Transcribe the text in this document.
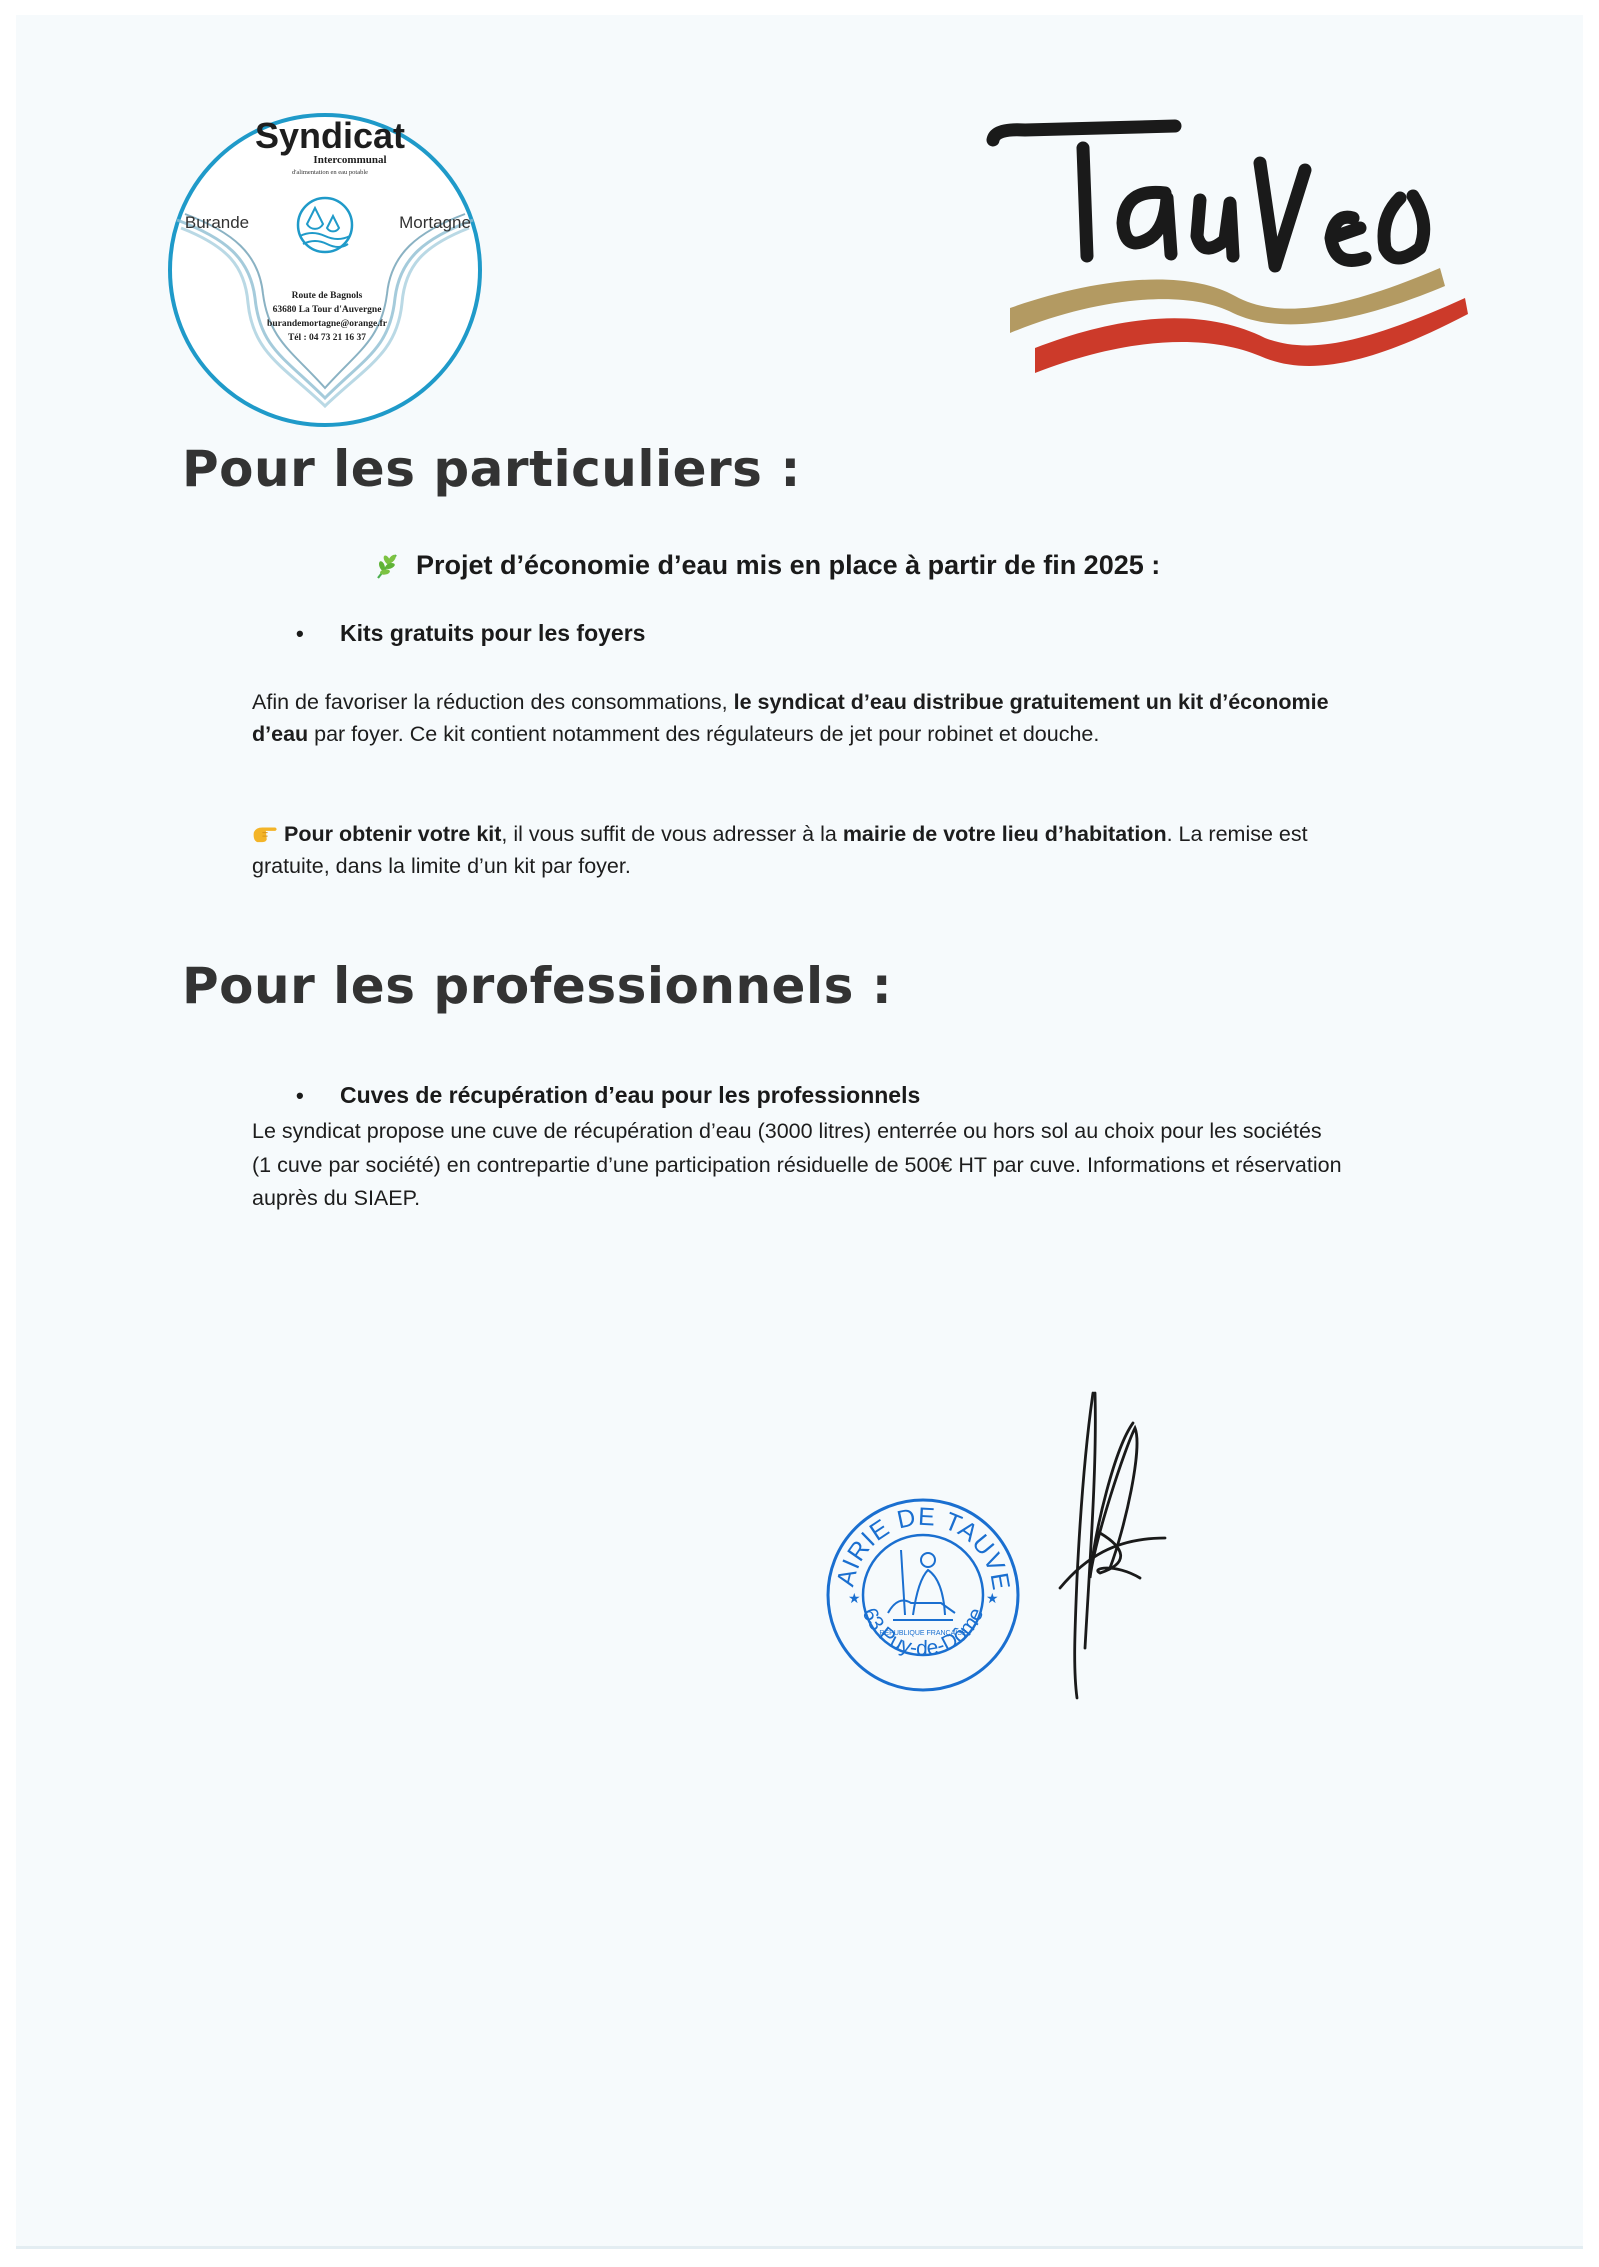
Syndicat
Intercommunal
d'alimentation en eau potable
Burande	Mortagne
Route de Bagnols
63680 La Tour d'Auvergne
burandemortagne@orange.fr
Tél : 04 73 21 16 37
Pour les particuliers :
Projet d’économie d’eau mis en place à partir de fin 2025 :
•	Kits gratuits pour les foyers

Afin de favoriser la réduction des consommations, le syndicat d’eau distribue gratuitement un kit d’économie d’eau par foyer. Ce kit contient notamment des régulateurs de jet pour robinet et douche.

Pour obtenir votre kit, il vous suffit de vous adresser à la mairie de votre lieu d’habitation. La remise est gratuite, dans la limite d’un kit par foyer.

Pour les professionnels :
•	Cuves de récupération d’eau pour les professionnels

Le syndicat propose une cuve de récupération d’eau (3000 litres) enterrée ou hors sol au choix pour les sociétés (1 cuve par société) en contrepartie d’une participation résiduelle de 500€ HT par cuve. Informations et réservation auprès du SIAEP.

AIRIE DE TAUVE
63 Puy-de-Dôme
★	★
RÉPUBLIQUE FRANÇAISE
